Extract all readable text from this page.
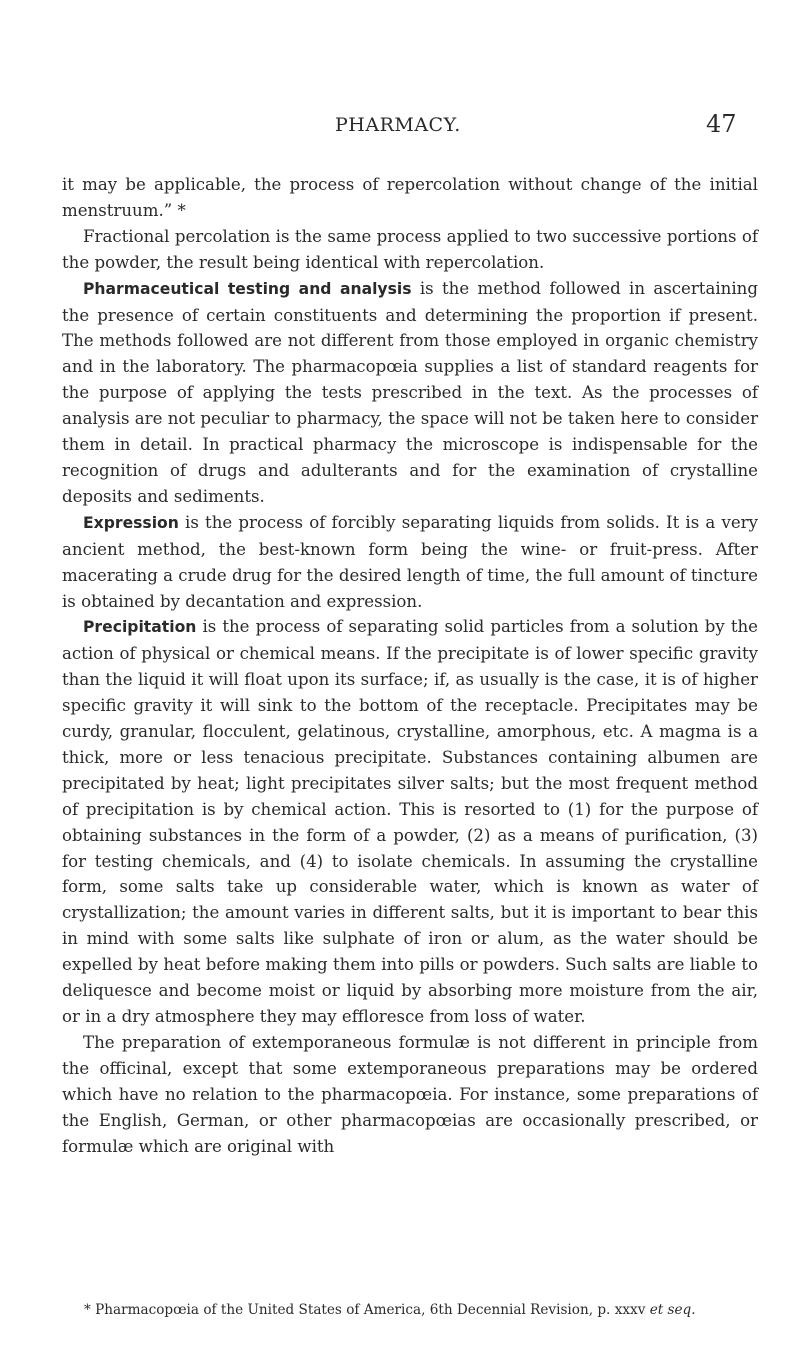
PHARMACY.	47

it may be applicable, the process of repercolation without change of the initial menstruum.” *

Fractional percolation is the same process applied to two successive portions of the powder, the result being identical with repercolation.

Pharmaceutical testing and analysis is the method followed in ascertaining the presence of certain constituents and determining the proportion if present. The methods followed are not different from those employed in organic chemistry and in the laboratory. The pharmacopœia supplies a list of standard reagents for the purpose of applying the tests prescribed in the text. As the processes of analysis are not peculiar to pharmacy, the space will not be taken here to consider them in detail. In practical pharmacy the microscope is indispensable for the recognition of drugs and adulterants and for the examination of crystalline deposits and sediments.

Expression is the process of forcibly separating liquids from solids. It is a very ancient method, the best-known form being the wine- or fruit-press. After macerating a crude drug for the desired length of time, the full amount of tincture is obtained by decantation and expression.

Precipitation is the process of separating solid particles from a solution by the action of physical or chemical means. If the precipitate is of lower specific gravity than the liquid it will float upon its surface; if, as usually is the case, it is of higher specific gravity it will sink to the bottom of the receptacle. Precipitates may be curdy, granular, flocculent, gelatinous, crystalline, amorphous, etc. A magma is a thick, more or less tenacious precipitate. Substances containing albumen are precipitated by heat; light precipitates silver salts; but the most frequent method of precipitation is by chemical action. This is resorted to (1) for the purpose of obtaining substances in the form of a powder, (2) as a means of purification, (3) for testing chemicals, and (4) to isolate chemicals. In assuming the crystalline form, some salts take up considerable water, which is known as water of crystallization; the amount varies in different salts, but it is important to bear this in mind with some salts like sulphate of iron or alum, as the water should be expelled by heat before making them into pills or powders. Such salts are liable to deliquesce and become moist or liquid by absorbing more moisture from the air, or in a dry atmosphere they may effloresce from loss of water.

The preparation of extemporaneous formulæ is not different in principle from the officinal, except that some extemporaneous preparations may be ordered which have no relation to the pharmacopœia. For instance, some preparations of the English, German, or other pharmacopœias are occasionally prescribed, or formulæ which are original with

* Pharmacopœia of the United States of America, 6th Decennial Revision, p. xxxv et seq.
